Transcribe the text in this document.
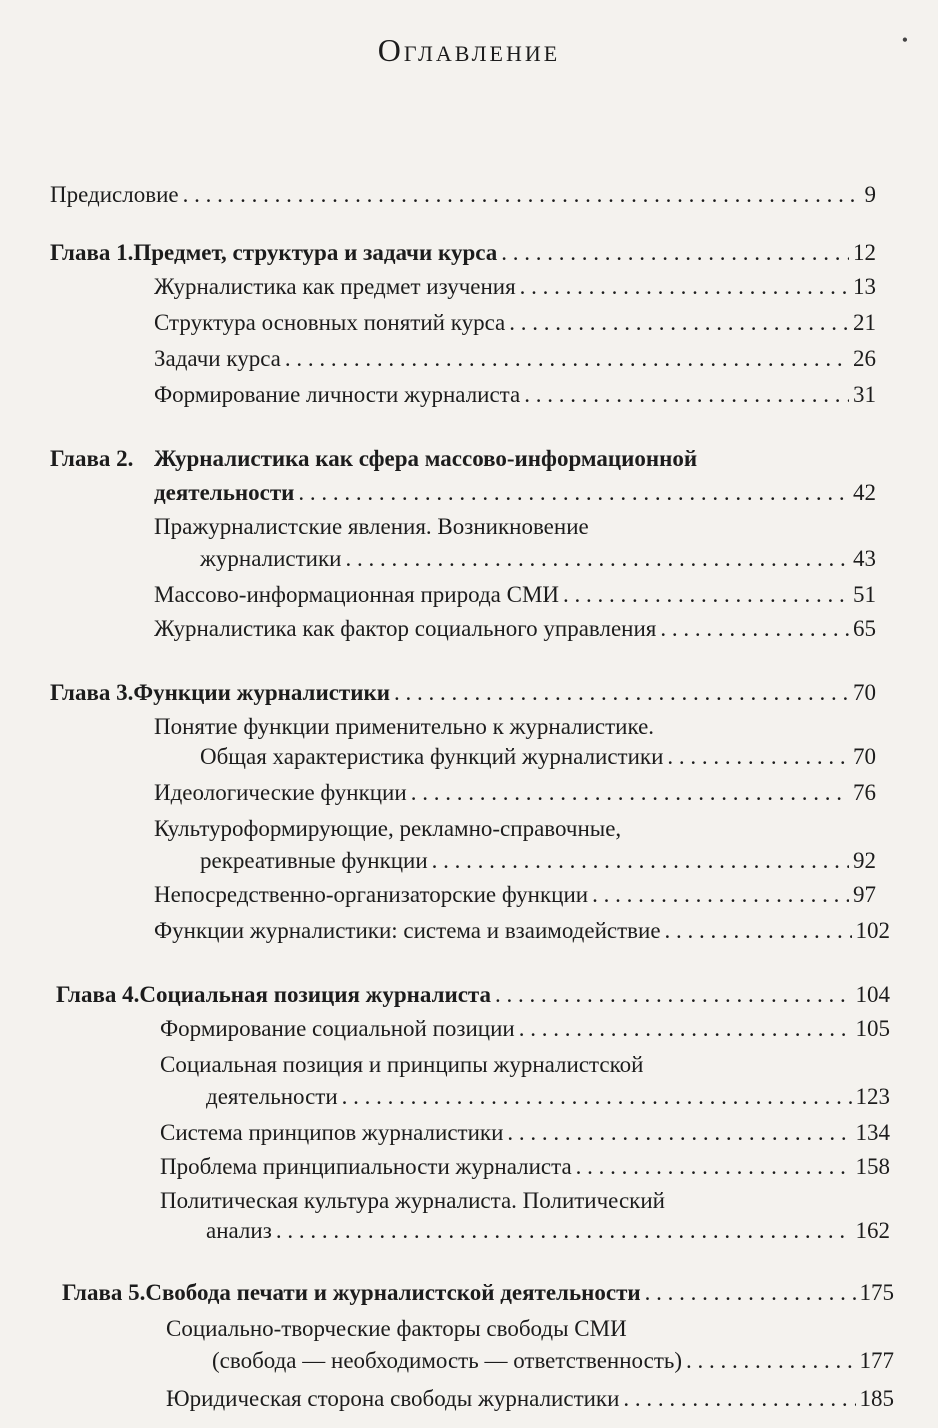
•
Оглавление
Предисловие . . .	9
Глава 1. Предмет, структура и задачи курса . . .	12
Журналистика как предмет изучения . . .	13
Структура основных понятий курса . . .	21
Задачи курса . . .	26
Формирование личности журналиста . . .	31
Глава 2. Журналистика как сфера массово-информационной
деятельности . . .	42
Пражурналистские явления. Возникновение
журналистики . . .	43
Массово-информационная природа СМИ . . .	51
Журналистика как фактор социального управления . . .	65
Глава 3. Функции журналистики . . .	70
Понятие функции применительно к журналистике.
Общая характеристика функций журналистики . . .	70
Идеологические функции . . .	76
Культуроформирующие, рекламно-справочные,
рекреативные функции . . .	92
Непосредственно-организаторские функции . . .	97
Функции журналистики: система и взаимодействие . . .	102
Глава 4. Социальная позиция журналиста . . .	104
Формирование социальной позиции . . .	105
Социальная позиция и принципы журналистской
деятельности . . .	123
Система принципов журналистики . . .	134
Проблема принципиальности журналиста . . .	158
Политическая культура журналиста. Политический
анализ . . .	162
Глава 5. Свобода печати и журналистской деятельности . . .	175
Социально-творческие факторы свободы СМИ
(свобода — необходимость — ответственность) . . .	177
Юридическая сторона свободы журналистики . . .	185
